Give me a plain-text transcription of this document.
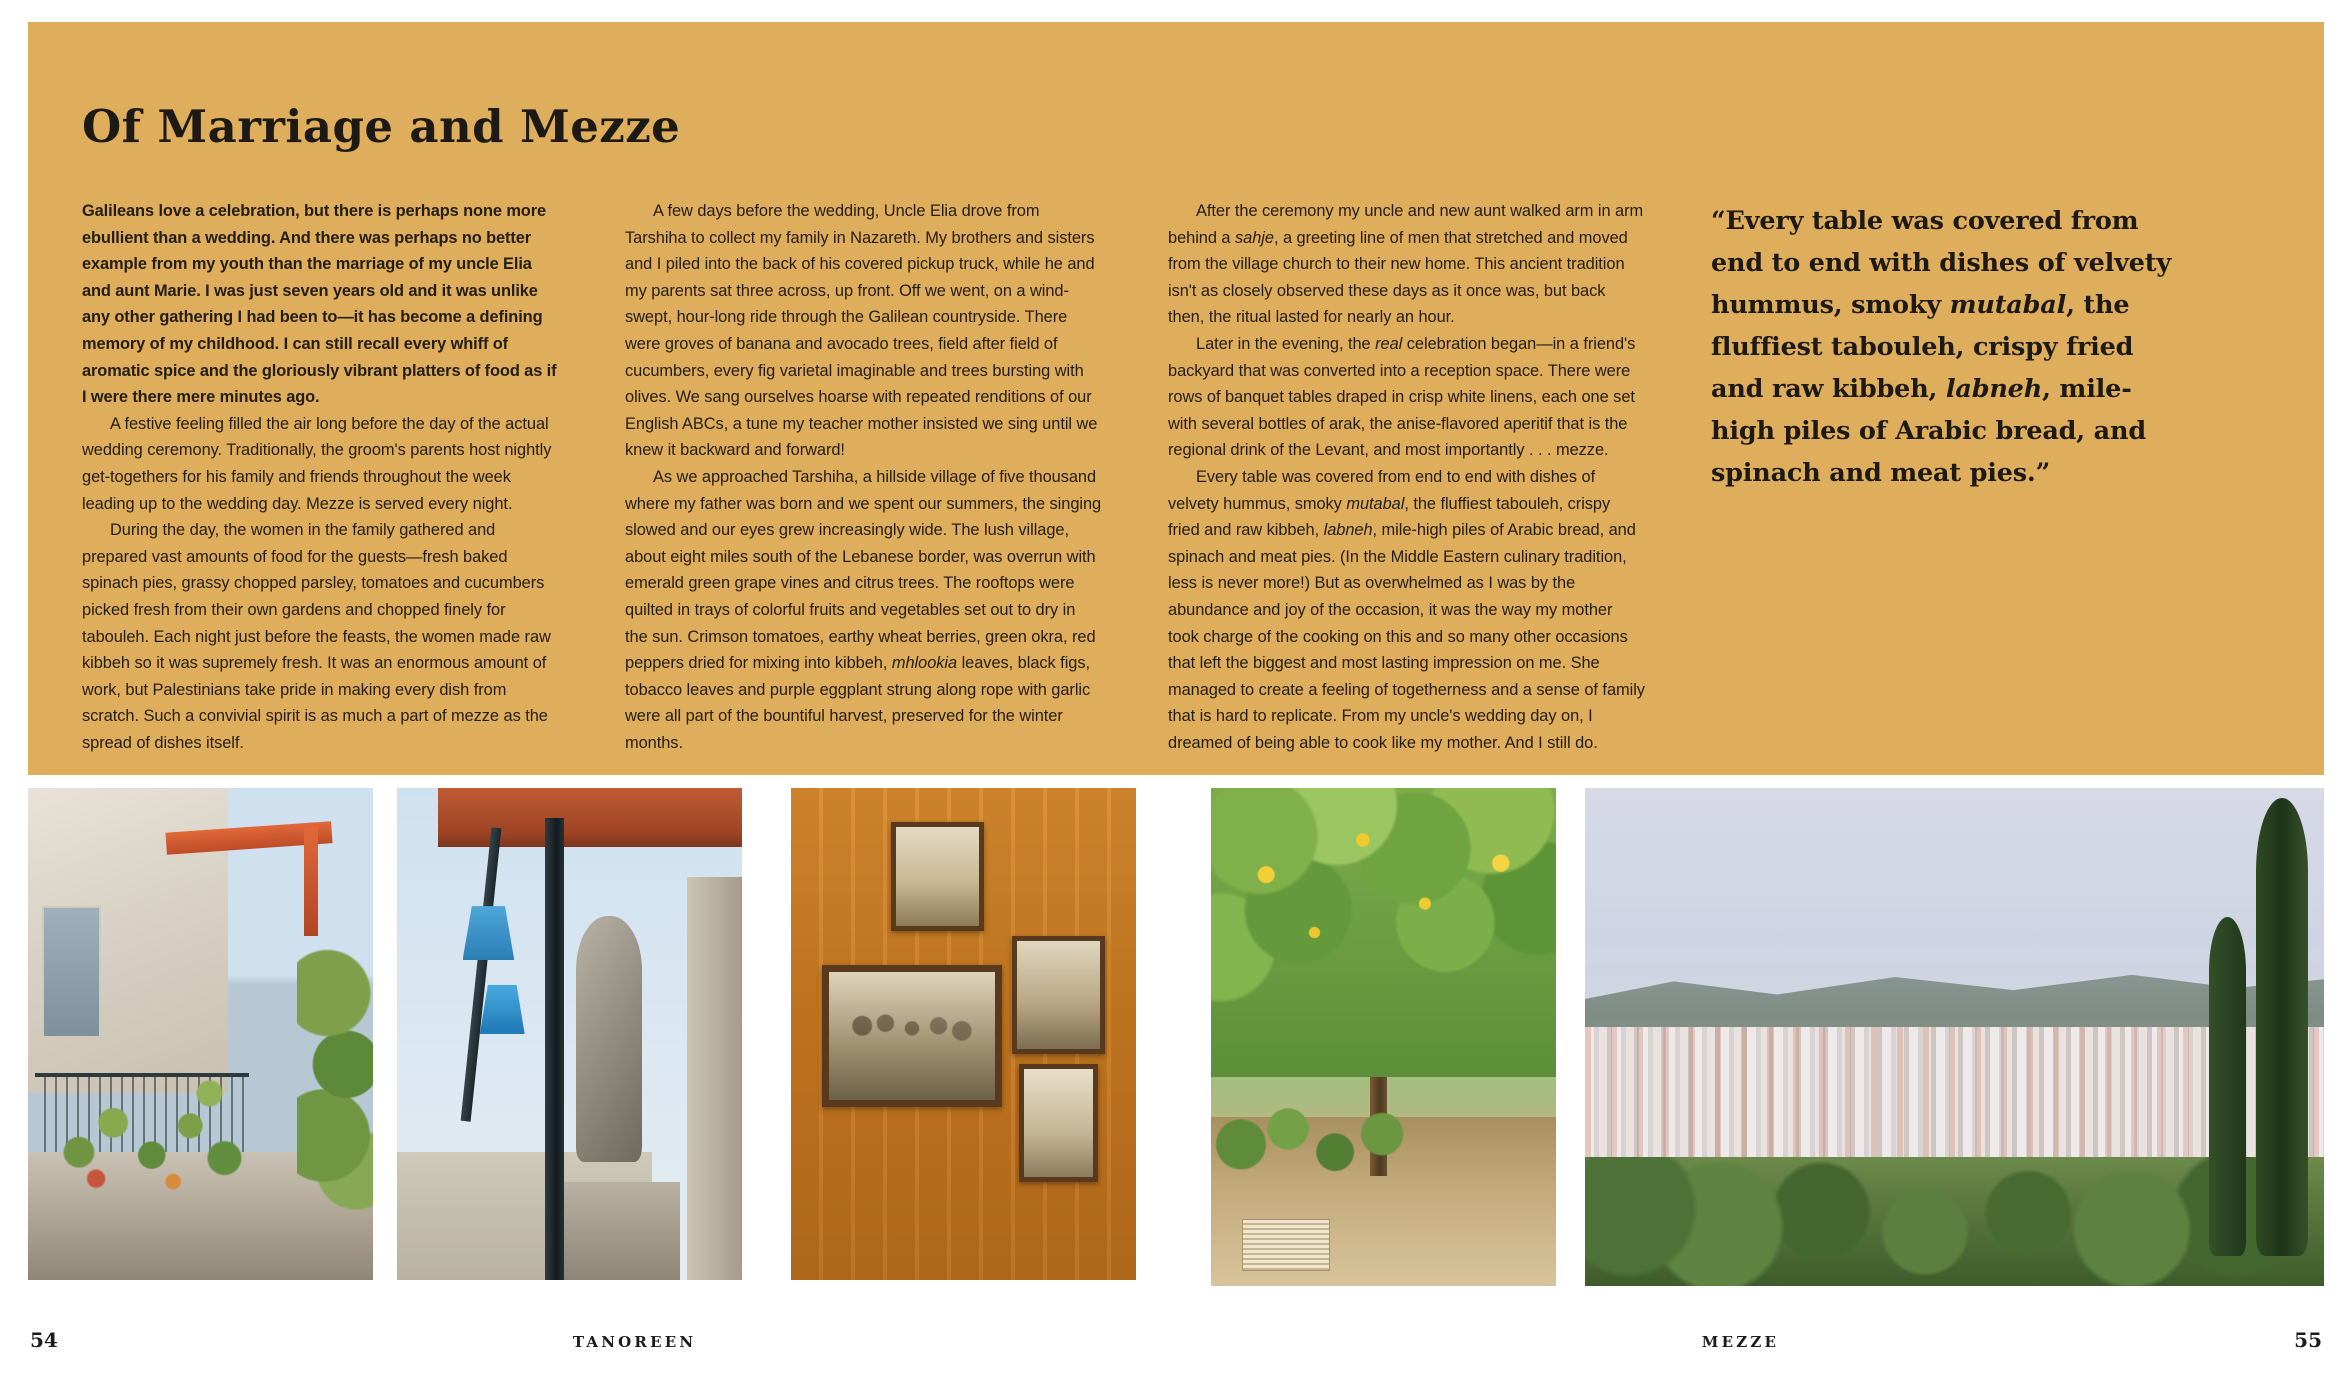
Of Marriage and Mezze

Galileans love a celebration, but there is perhaps none more ebullient than a wedding. And there was perhaps no better example from my youth than the marriage of my uncle Elia and aunt Marie. I was just seven years old and it was unlike any other gathering I had been to—it has become a defining memory of my childhood. I can still recall every whiff of aromatic spice and the gloriously vibrant platters of food as if I were there mere minutes ago.

A festive feeling filled the air long before the day of the actual wedding ceremony. Traditionally, the groom's parents host nightly get-togethers for his family and friends throughout the week leading up to the wedding day. Mezze is served every night.

During the day, the women in the family gathered and prepared vast amounts of food for the guests—fresh baked spinach pies, grassy chopped parsley, tomatoes and cucumbers picked fresh from their own gardens and chopped finely for tabouleh. Each night just before the feasts, the women made raw kibbeh so it was supremely fresh. It was an enormous amount of work, but Palestinians take pride in making every dish from scratch. Such a convivial spirit is as much a part of mezze as the spread of dishes itself.

A few days before the wedding, Uncle Elia drove from Tarshiha to collect my family in Nazareth. My brothers and sisters and I piled into the back of his covered pickup truck, while he and my parents sat three across, up front. Off we went, on a wind-swept, hour-long ride through the Galilean countryside. There were groves of banana and avocado trees, field after field of cucumbers, every fig varietal imaginable and trees bursting with olives. We sang ourselves hoarse with repeated renditions of our English ABCs, a tune my teacher mother insisted we sing until we knew it backward and forward!

As we approached Tarshiha, a hillside village of five thousand where my father was born and we spent our summers, the singing slowed and our eyes grew increasingly wide. The lush village, about eight miles south of the Lebanese border, was overrun with emerald green grape vines and citrus trees. The rooftops were quilted in trays of colorful fruits and vegetables set out to dry in the sun. Crimson tomatoes, earthy wheat berries, green okra, red peppers dried for mixing into kibbeh, mhlookia leaves, black figs, tobacco leaves and purple eggplant strung along rope with garlic were all part of the bountiful harvest, preserved for the winter months.

After the ceremony my uncle and new aunt walked arm in arm behind a sahje, a greeting line of men that stretched and moved from the village church to their new home. This ancient tradition isn't as closely observed these days as it once was, but back then, the ritual lasted for nearly an hour.

Later in the evening, the real celebration began—in a friend's backyard that was converted into a reception space. There were rows of banquet tables draped in crisp white linens, each one set with several bottles of arak, the anise-flavored aperitif that is the regional drink of the Levant, and most importantly . . . mezze.

Every table was covered from end to end with dishes of velvety hummus, smoky mutabal, the fluffiest tabouleh, crispy fried and raw kibbeh, labneh, mile-high piles of Arabic bread, and spinach and meat pies. (In the Middle Eastern culinary tradition, less is never more!) But as overwhelmed as I was by the abundance and joy of the occasion, it was the way my mother took charge of the cooking on this and so many other occasions that left the biggest and most lasting impression on me. She managed to create a feeling of togetherness and a sense of family that is hard to replicate. From my uncle's wedding day on, I dreamed of being able to cook like my mother. And I still do.

“Every table was covered from end to end with dishes of velvety hummus, smoky mutabal, the fluffiest tabouleh, crispy fried and raw kibbeh, labneh, mile-high piles of Arabic bread, and spinach and meat pies.”

54	TANOREEN	MEZZE	55
